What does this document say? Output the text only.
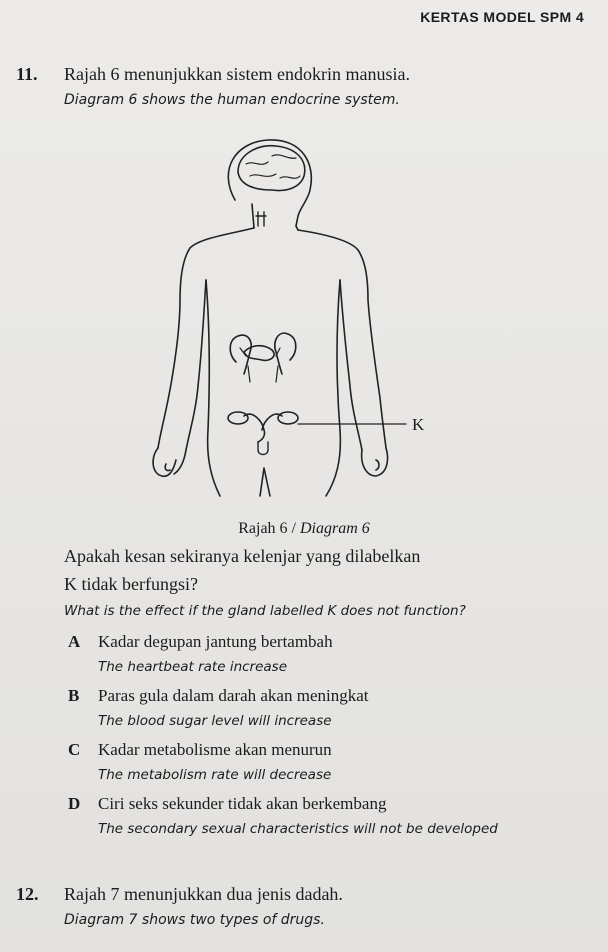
KERTAS MODEL SPM 4
11. Rajah 6 menunjukkan sistem endokrin manusia.
Diagram 6 shows the human endocrine system.
K
Rajah 6 / Diagram 6
Apakah kesan sekiranya kelenjar yang dilabelkan
K tidak berfungsi?
What is the effect if the gland labelled K does not function?
A Kadar degupan jantung bertambah
The heartbeat rate increase
B Paras gula dalam darah akan meningkat
The blood sugar level will increase
C Kadar metabolisme akan menurun
The metabolism rate will decrease
D Ciri seks sekunder tidak akan berkembang
The secondary sexual characteristics will not be developed
12. Rajah 7 menunjukkan dua jenis dadah.
Diagram 7 shows two types of drugs.
